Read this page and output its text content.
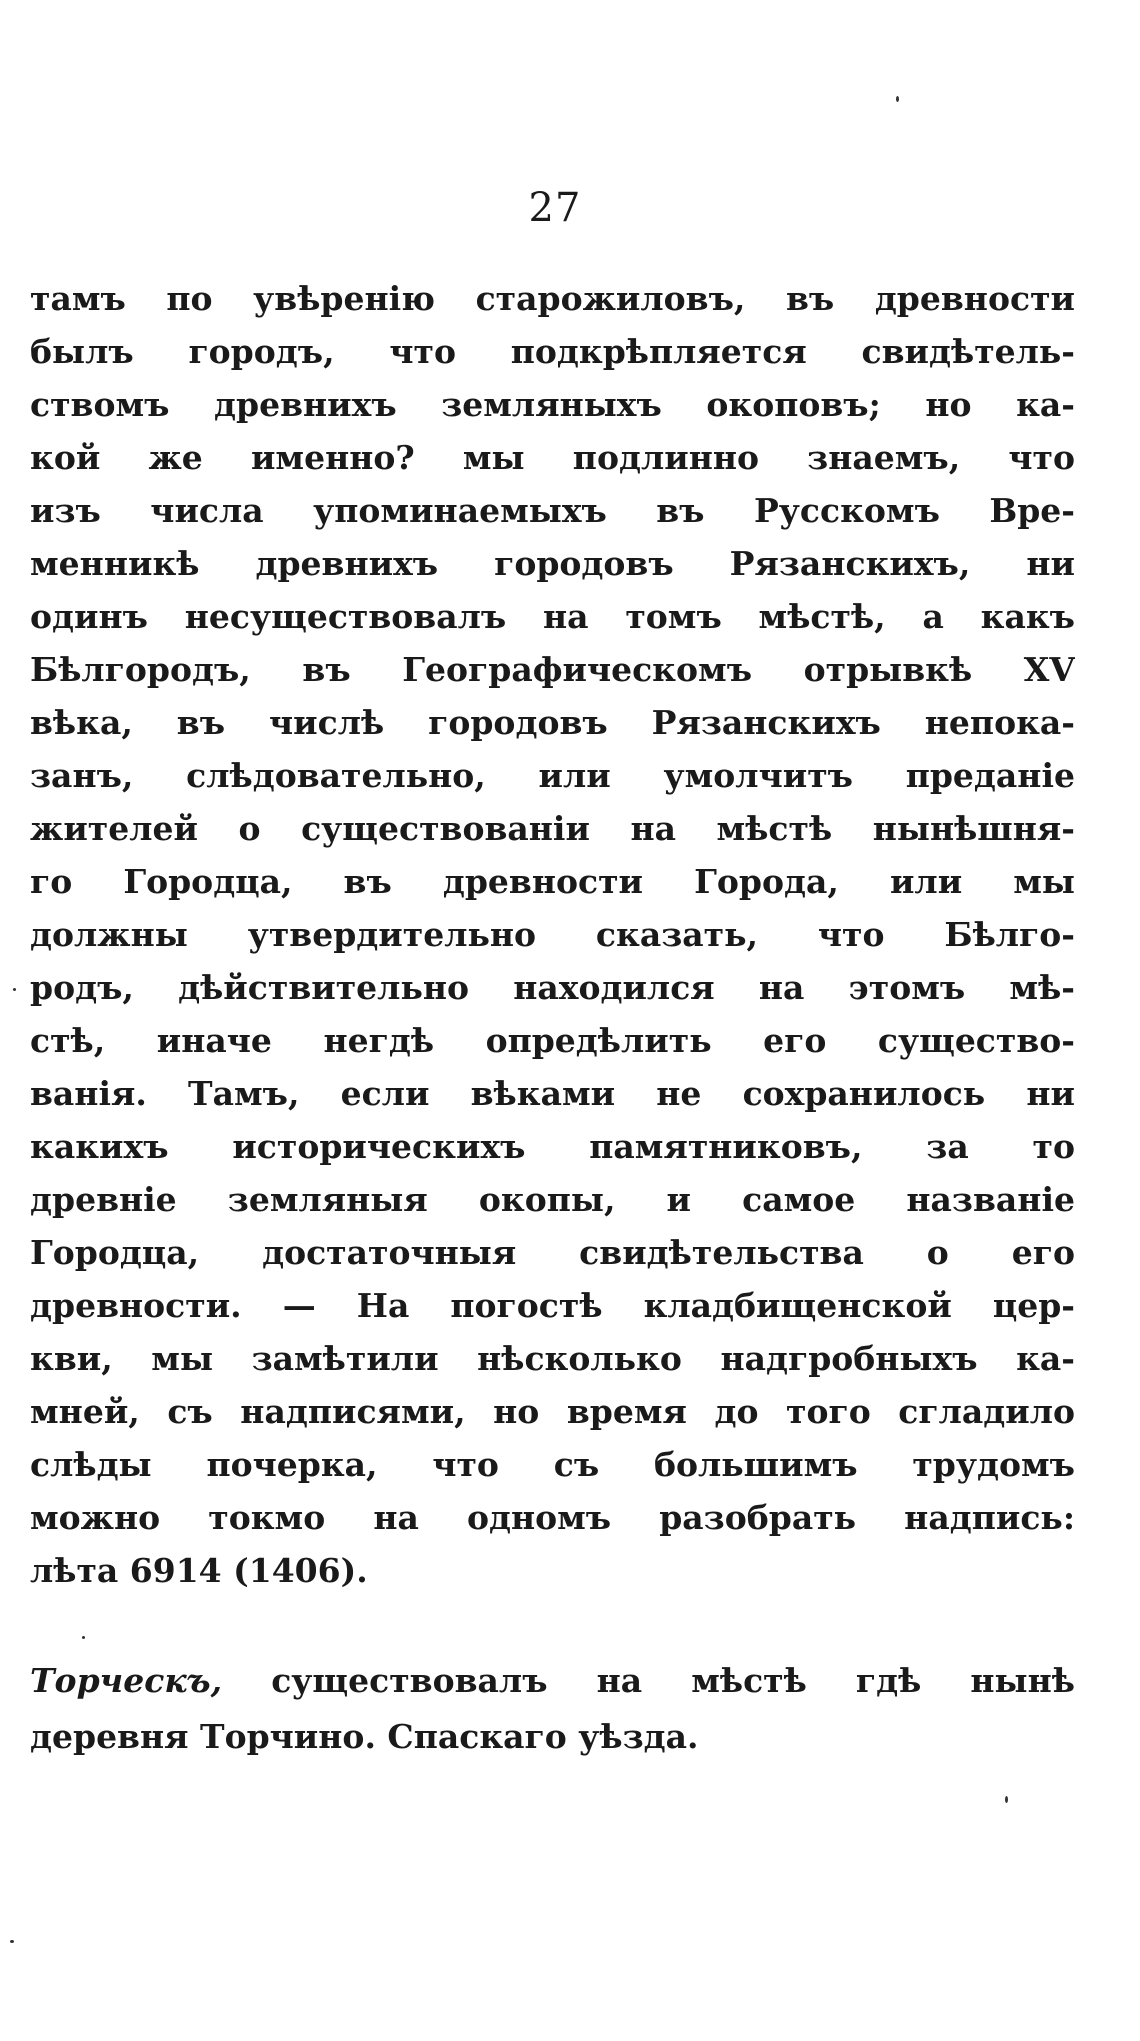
27
тамъ по увѣренію старожиловъ, въ древности
былъ городъ, что подкрѣпляется свидѣтель-
ствомъ древнихъ земляныхъ окоповъ; но ка-
кой же именно? мы подлинно знаемъ, что
изъ числа упоминаемыхъ въ Русскомъ Вре-
менникѣ древнихъ городовъ Рязанскихъ, ни
одинъ несуществовалъ на томъ мѣстѣ, а какъ
Бѣлгородъ, въ Географическомъ отрывкѣ XV
вѣка, въ числѣ городовъ Рязанскихъ непока-
занъ, слѣдовательно, или умолчитъ преданіе
жителей о существованіи на мѣстѣ нынѣшня-
го Городца, въ древности Города, или мы
должны утвердительно сказать, что Бѣлго-
родъ, дѣйствительно находился на этомъ мѣ-
стѣ, иначе негдѣ опредѣлить его существо-
ванія. Тамъ, если вѣками не сохранилось ни
какихъ историческихъ памятниковъ, за то
древніе земляныя окопы, и самое названіе
Городца, достаточныя свидѣтельства о его
древности. — На погостѣ кладбищенской цер-
кви, мы замѣтили нѣсколько надгробныхъ ка-
мней, съ надписями, но время до того сгладило
слѣды почерка, что съ большимъ трудомъ
можно токмо на одномъ разобрать надпись:
лѣта 6914 (1406).
Торческъ, существовалъ на мѣстѣ гдѣ нынѣ
деревня Торчино. Спаскаго уѣзда.
